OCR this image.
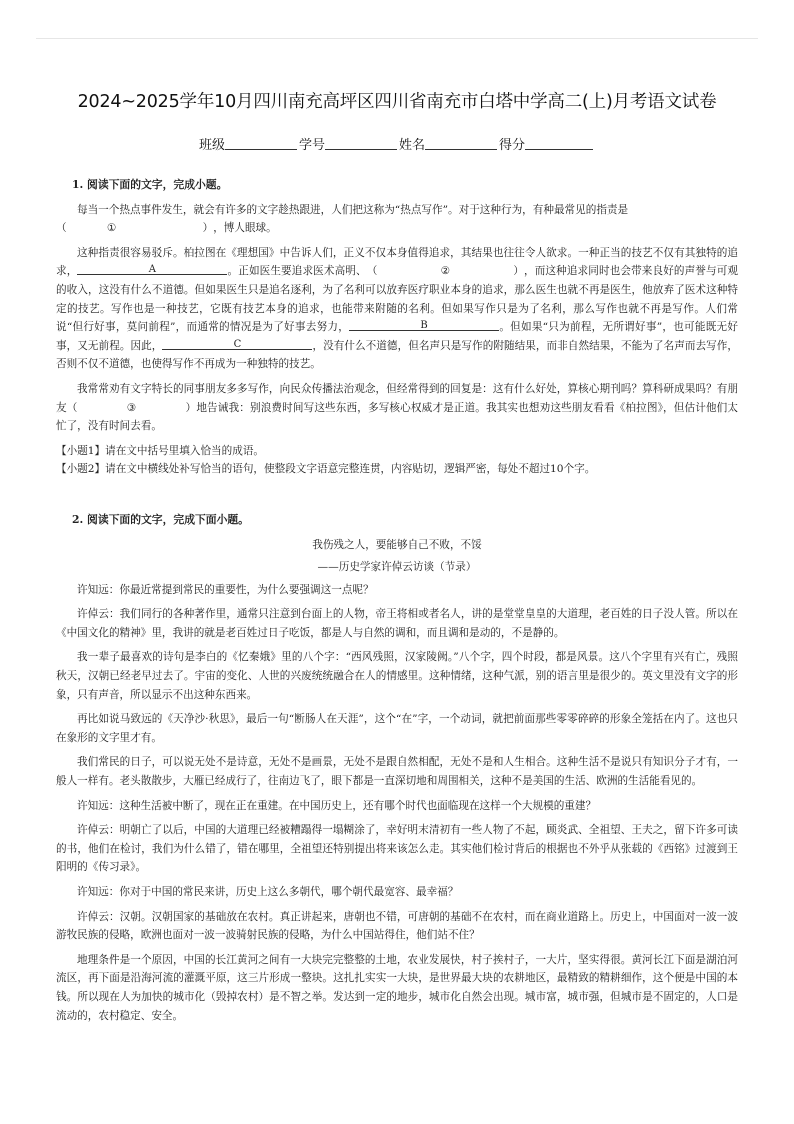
2024~2025学年10月四川南充高坪区四川省南充市白塔中学高二(上)月考语文试卷
班级	学号	姓名	得分
1. 阅读下面的文字，完成小题。

每当一个热点事件发生，就会有许多的文字趁热跟进，人们把这称为“热点写作”。对于这种行为，有种最常见的指责是
（	①	），博人眼球。

这种指责很容易驳斥。柏拉图在《理想国》中告诉人们，正义不仅本身值得追求，其结果也往往令人欲求。一种正当的技艺不仅有其独特的追求，	A	。正如医生要追求医术高明、（	②	），而这种追求同时也会带来良好的声誉与可观的收入，这没有什么不道德。但如果医生只是追名逐利，为了名利可以放弃医疗职业本身的追求，那么医生也就不再是医生，他放弃了医术这种特定的技艺。写作也是一种技艺，它既有技艺本身的追求，也能带来附随的名利。但如果写作只是为了名利，那么写作也就不再是写作。人们常说“但行好事，莫问前程”，而通常的情况是为了好事去努力，	B	。但如果“只为前程，无所谓好事”，也可能既无好事，又无前程。因此，	C	，没有什么不道德，但名声只是写作的附随结果，而非自然结果，不能为了名声而去写作，否则不仅不道德，也使得写作不再成为一种独特的技艺。

我常常劝有文字特长的同事朋友多多写作，向民众传播法治观念，但经常得到的回复是：这有什么好处，算核心期刊吗？算科研成果吗？有朋友（	③	）地告诫我：别浪费时间写这些东西，多写核心权威才是正道。我其实也想劝这些朋友看看《柏拉图》，但估计他们太忙了，没有时间去看。

【小题1】请在文中括号里填入恰当的成语。

【小题2】请在文中横线处补写恰当的语句，使整段文字语意完整连贯，内容贴切，逻辑严密，每处不超过10个字。

2. 阅读下面的文字，完成下面小题。

我伤残之人，要能够自己不败，不馁

——历史学家许倬云访谈（节录）

许知远：你最近常提到常民的重要性，为什么要强调这一点呢？

许倬云：我们同行的各种著作里，通常只注意到台面上的人物，帝王将相或者名人，讲的是堂堂皇皇的大道理，老百姓的日子没人管。所以在《中国文化的精神》里，我讲的就是老百姓过日子吃饭，都是人与自然的调和，而且调和是动的，不是静的。

我一辈子最喜欢的诗句是李白的《忆秦娥》里的八个字：“西风残照，汉家陵阙。”八个字，四个时段，都是风景。这八个字里有兴有亡，残照秋天，汉朝已经老早过去了。宇宙的变化、人世的兴废统统融合在人的情感里。这种情绪，这种气派，别的语言里是很少的。英文里没有文字的形象，只有声音，所以显示不出这种东西来。

再比如说马致远的《天净沙·秋思》，最后一句“断肠人在天涯”，这个“在”字，一个动词，就把前面那些零零碎碎的形象全笼括在内了。这也只在象形的文字里才有。

我们常民的日子，可以说无处不是诗意，无处不是画景，无处不是跟自然相配，无处不是和人生相合。这种生活不是说只有知识分子才有，一般人一样有。老头散散步，大雁已经成行了，往南边飞了，眼下都是一直深切地和周围相关，这种不是美国的生活、欧洲的生活能看见的。

许知远：这种生活被中断了，现在正在重建。在中国历史上，还有哪个时代也面临现在这样一个大规模的重建？

许倬云：明朝亡了以后，中国的大道理已经被糟蹋得一塌糊涂了，幸好明末清初有一些人物了不起，顾炎武、全祖望、王夫之，留下许多可读的书，他们在检讨，我们为什么错了，错在哪里，全祖望还特别提出将来该怎么走。其实他们检讨背后的根据也不外乎从张载的《西铭》过渡到王阳明的《传习录》。

许知远：你对于中国的常民来讲，历史上这么多朝代，哪个朝代最宽容、最幸福？

许倬云：汉朝。汉朝国家的基础放在农村。真正讲起来，唐朝也不错，可唐朝的基础不在农村，而在商业道路上。历史上，中国面对一波一波游牧民族的侵略，欧洲也面对一波一波骑射民族的侵略，为什么中国站得住，他们站不住？

地理条件是一个原因，中国的长江黄河之间有一大块完完整整的土地，农业发展快，村子挨村子，一大片，坚实得很。黄河长江下面是湖泊河流区，再下面是沿海河流的灌溉平原，这三片形成一整块。这扎扎实实一大块，是世界最大块的农耕地区，最精致的精耕细作，这个便是中国的本钱。所以现在人为加快的城市化（毁掉农村）是不智之举。发达到一定的地步，城市化自然会出现。城市富，城市强，但城市是不固定的，人口是流动的，农村稳定、安全。
